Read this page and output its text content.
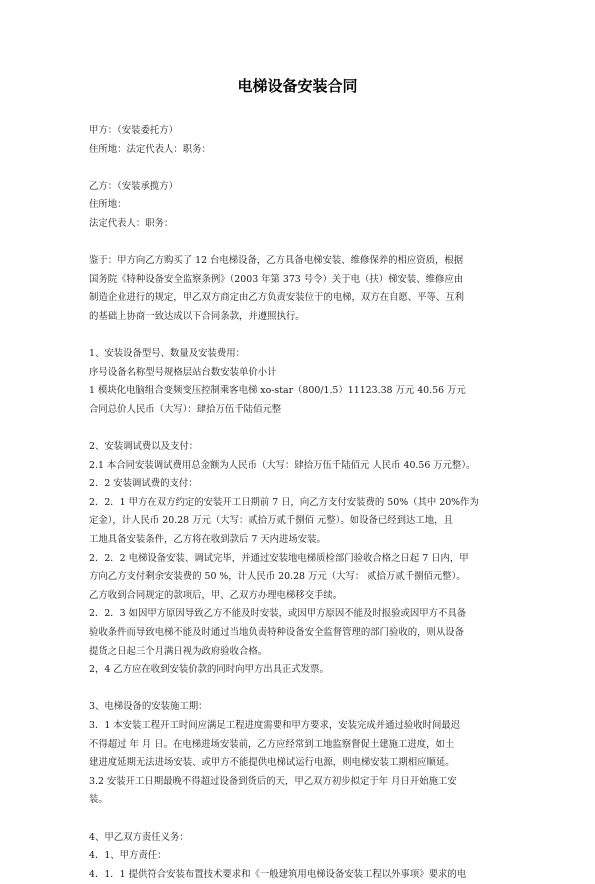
电梯设备安装合同
甲方：（安装委托方）
住所地：法定代表人：职务：
乙方：（安装承揽方）
住所地：
法定代表人：职务：
鉴于：甲方向乙方购买了 12 台电梯设备，乙方具备电梯安装、维修保养的相应资质，根据
国务院《特种设备安全监察条例》（2003 年第 373 号令）关于电（扶）梯安装、维修应由
制造企业进行的规定，甲乙双方商定由乙方负责安装位于的电梯，双方在自愿、平等、互利
的基础上协商一致达成以下合同条款，并遵照执行。
1、安装设备型号、数量及安装费用：
序号设备名称型号规格层站台数安装单价小计
1 模块化电脑组合变频变压控制乘客电梯 xo-star（800/1.5）11123.38 万元 40.56 万元
合同总价人民币（大写）：肆拾万伍千陆佰元整
2、安装调试费以及支付：
2.1 本合同安装调试费用总金额为人民币（大写：肆拾万伍千陆佰元 人民币 40.56 万元整）。
2．2 安装调试费的支付：
2．2．1 甲方在双方约定的安装开工日期前 7 日，向乙方支付安装费的 50%（其中 20%作为
定金），计人民币 20.28 万元（大写：贰拾万贰千捌佰 元整）。如设备已经到达工地，且
工地具备安装条件，乙方将在收到款后 7 天内进场安装。
2．2．2 电梯设备安装、调试完毕，并通过安装地电梯质检部门验收合格之日起 7 日内，甲
方向乙方支付剩余安装费的 50 %，计人民币 20.28 万元（大写： 贰拾万贰千捌佰元整）。
乙方收到合同规定的款项后，甲、乙双方办理电梯移交手续。
2．2．3 如因甲方原因导致乙方不能及时安装，或因甲方原因不能及时报验或因甲方不具备
验收条件而导致电梯不能及时通过当地负责特种设备安全监督管理的部门验收的，则从设备
提货之日起三个月满日视为政府验收合格。
2，4 乙方应在收到安装价款的同时向甲方出具正式发票。
3、电梯设备的安装施工期：
3．1 本安装工程开工时间应满足工程进度需要和甲方要求，安装完成并通过验收时间最迟
不得超过 年 月 日。在电梯进场安装前，乙方应经常到工地监察督促土建施工进度，如土
建进度延期无法进场安装、或甲方不能提供电梯试运行电源，则电梯安装工期相应顺延。
3.2 安装开工日期最晚不得超过设备到货后的天，甲乙双方初步拟定于年 月日开始施工安
装。
4、甲乙双方责任义务：
4．1、甲方责任：
4．1．1 提供符合安装布置技术要求和《一般建筑用电梯设备安装工程以外事项》要求的电
